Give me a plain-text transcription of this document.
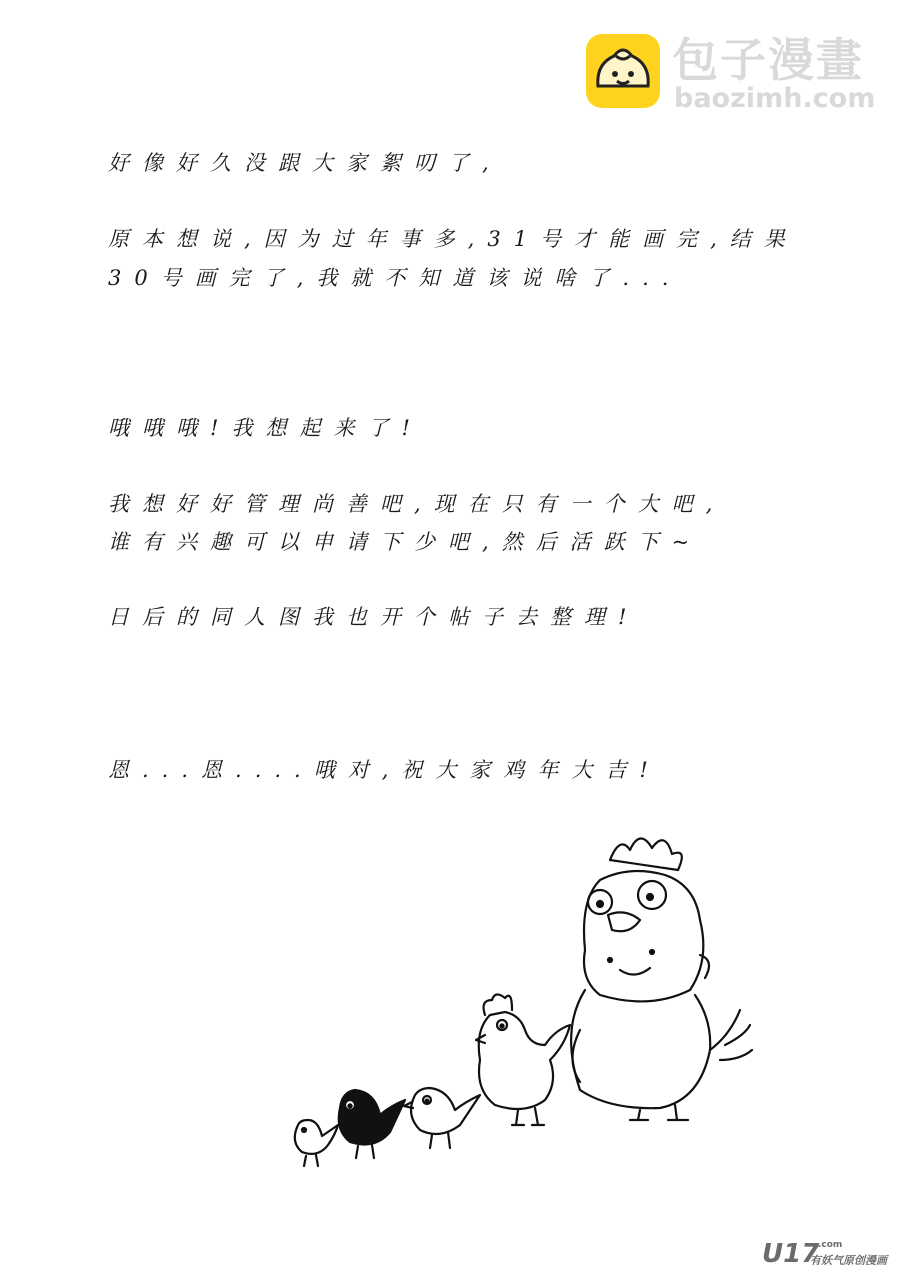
包子漫畫
baozimh.com
好像好久没跟大家絮叨了,
原本想说,因为过年事多,31号才能画完,结果
30号画完了,我就不知道该说啥了...
哦哦哦!我想起来了!
我想好好管理尚善吧,现在只有一个大吧,
谁有兴趣可以申请下少吧,然后活跃下~
日后的同人图我也开个帖子去整理!
恩...恩....哦对,祝大家鸡年大吉!
U17
.com
有妖气原创漫画
